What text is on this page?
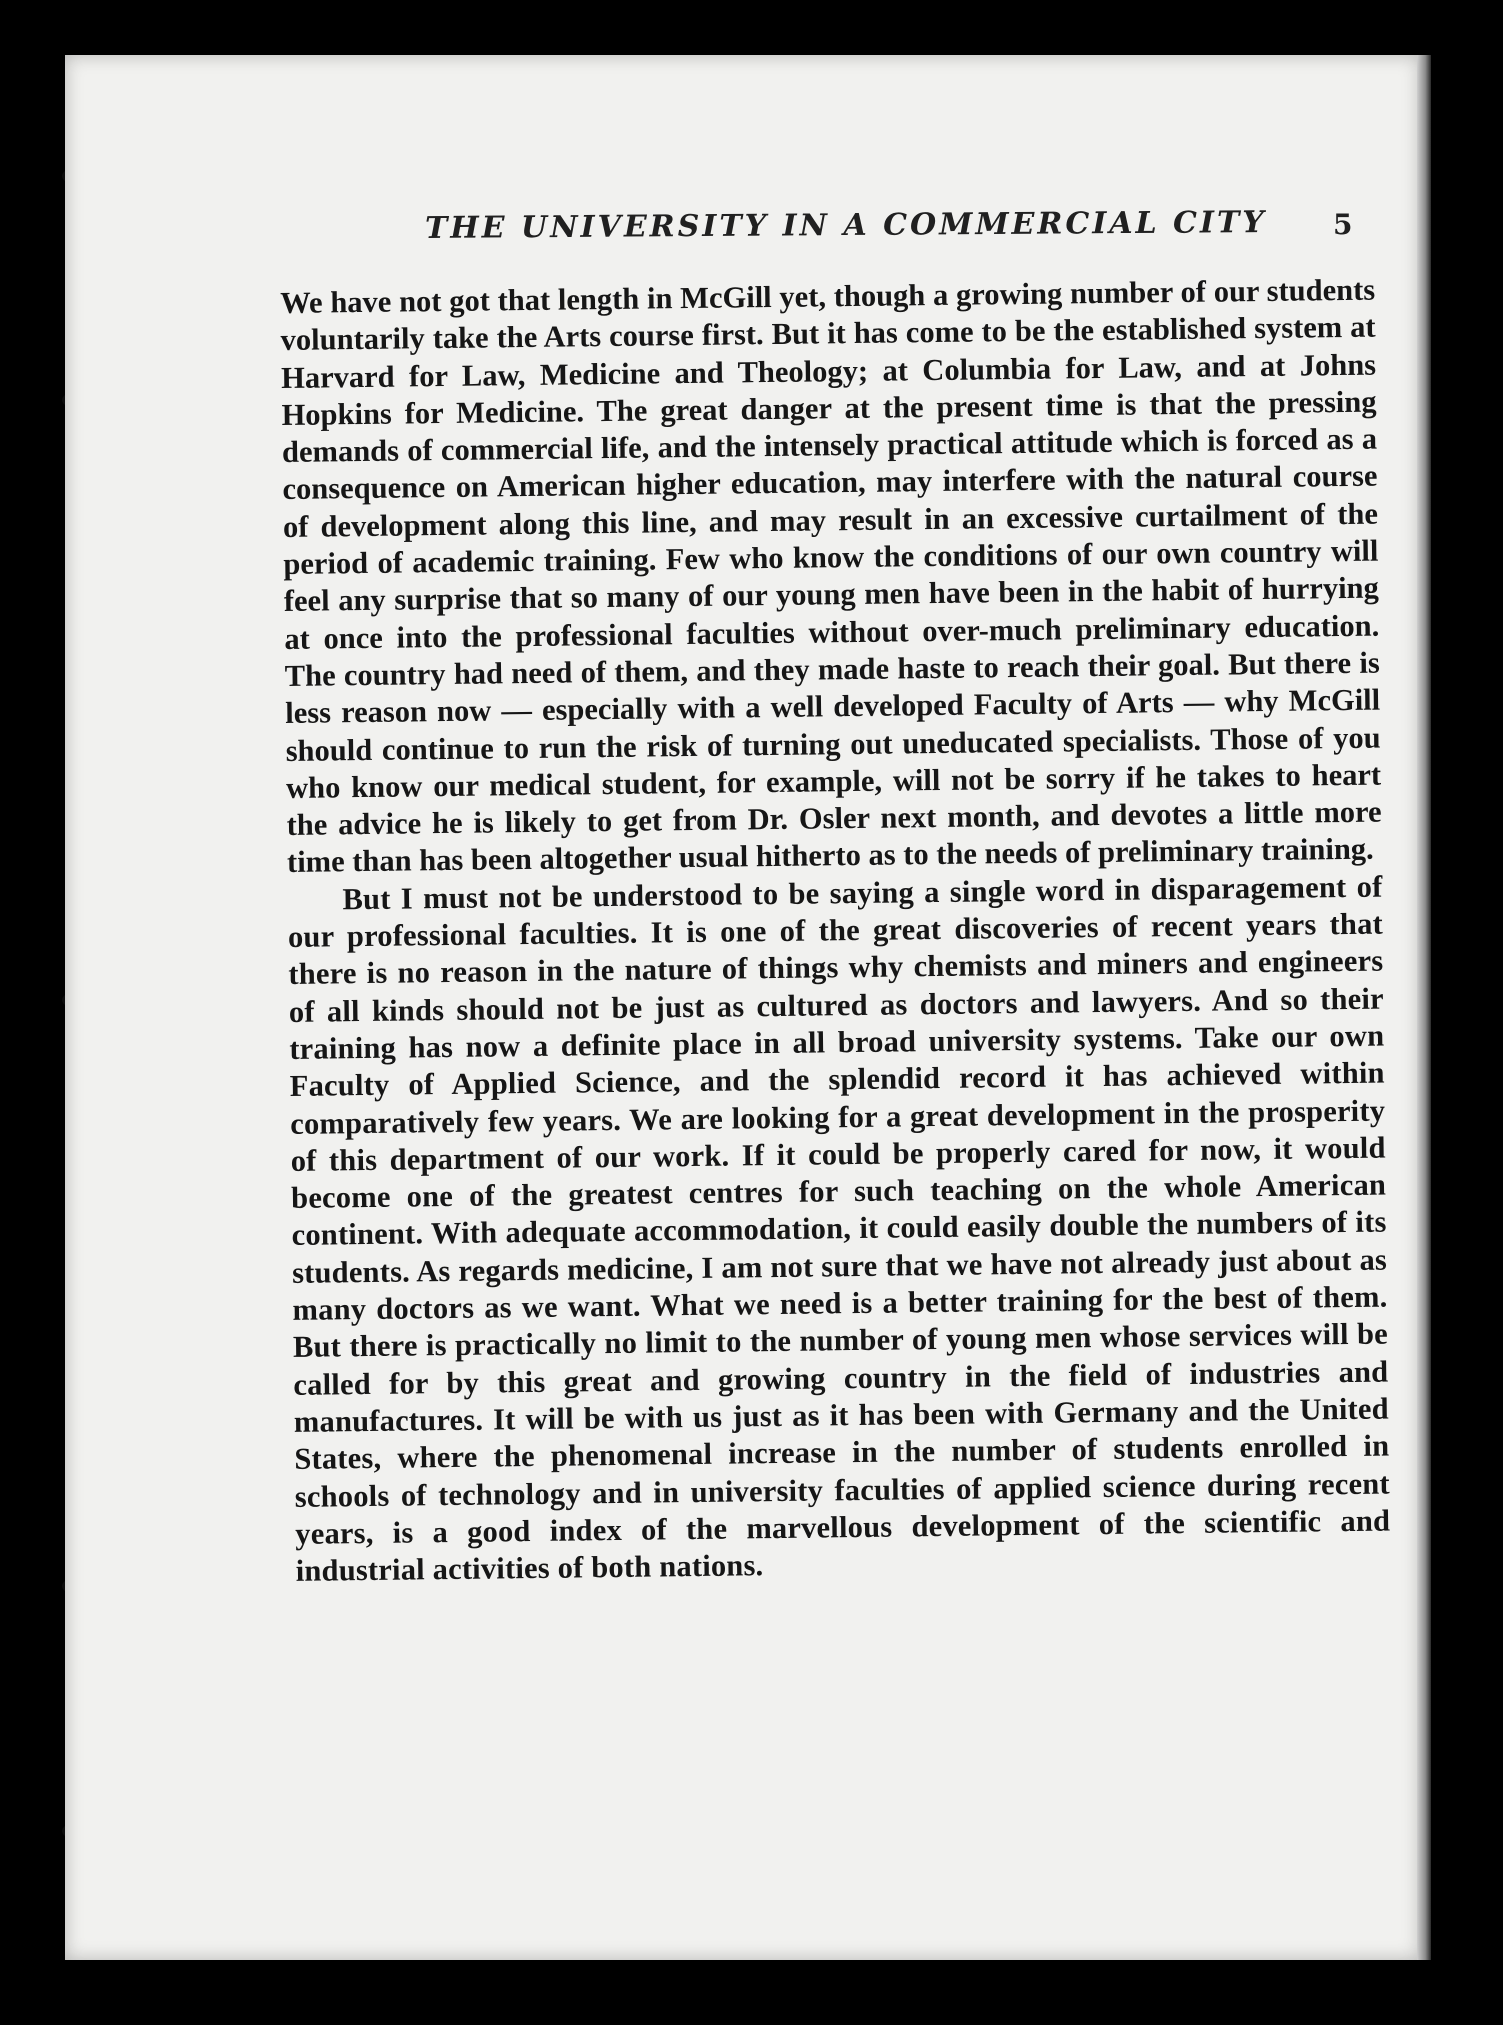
THE UNIVERSITY IN A COMMERCIAL CITY 5

We have not got that length in McGill yet, though a growing number of our students voluntarily take the Arts course first. But it has come to be the established system at Harvard for Law, Medicine and Theology; at Columbia for Law, and at Johns Hopkins for Medicine. The great danger at the present time is that the pressing demands of commercial life, and the intensely practical attitude which is forced as a consequence on American higher education, may interfere with the natural course of development along this line, and may result in an excessive curtailment of the period of academic training. Few who know the conditions of our own country will feel any surprise that so many of our young men have been in the habit of hurrying at once into the professional faculties without over-much preliminary education. The country had need of them, and they made haste to reach their goal. But there is less reason now — especially with a well developed Faculty of Arts — why McGill should continue to run the risk of turning out uneducated specialists. Those of you who know our medical student, for example, will not be sorry if he takes to heart the advice he is likely to get from Dr. Osler next month, and devotes a little more time than has been altogether usual hitherto as to the needs of preliminary training.

But I must not be understood to be saying a single word in disparagement of our professional faculties. It is one of the great discoveries of recent years that there is no reason in the nature of things why chemists and miners and engineers of all kinds should not be just as cultured as doctors and lawyers. And so their training has now a definite place in all broad university systems. Take our own Faculty of Applied Science, and the splendid record it has achieved within comparatively few years. We are looking for a great development in the prosperity of this department of our work. If it could be properly cared for now, it would become one of the greatest centres for such teaching on the whole American continent. With adequate accommodation, it could easily double the numbers of its students. As regards medicine, I am not sure that we have not already just about as many doctors as we want. What we need is a better training for the best of them. But there is practically no limit to the number of young men whose services will be called for by this great and growing country in the field of industries and manufactures. It will be with us just as it has been with Germany and the United States, where the phenomenal increase in the number of students enrolled in schools of technology and in university faculties of applied science during recent years, is a good index of the marvellous development of the scientific and industrial activities of both nations.
